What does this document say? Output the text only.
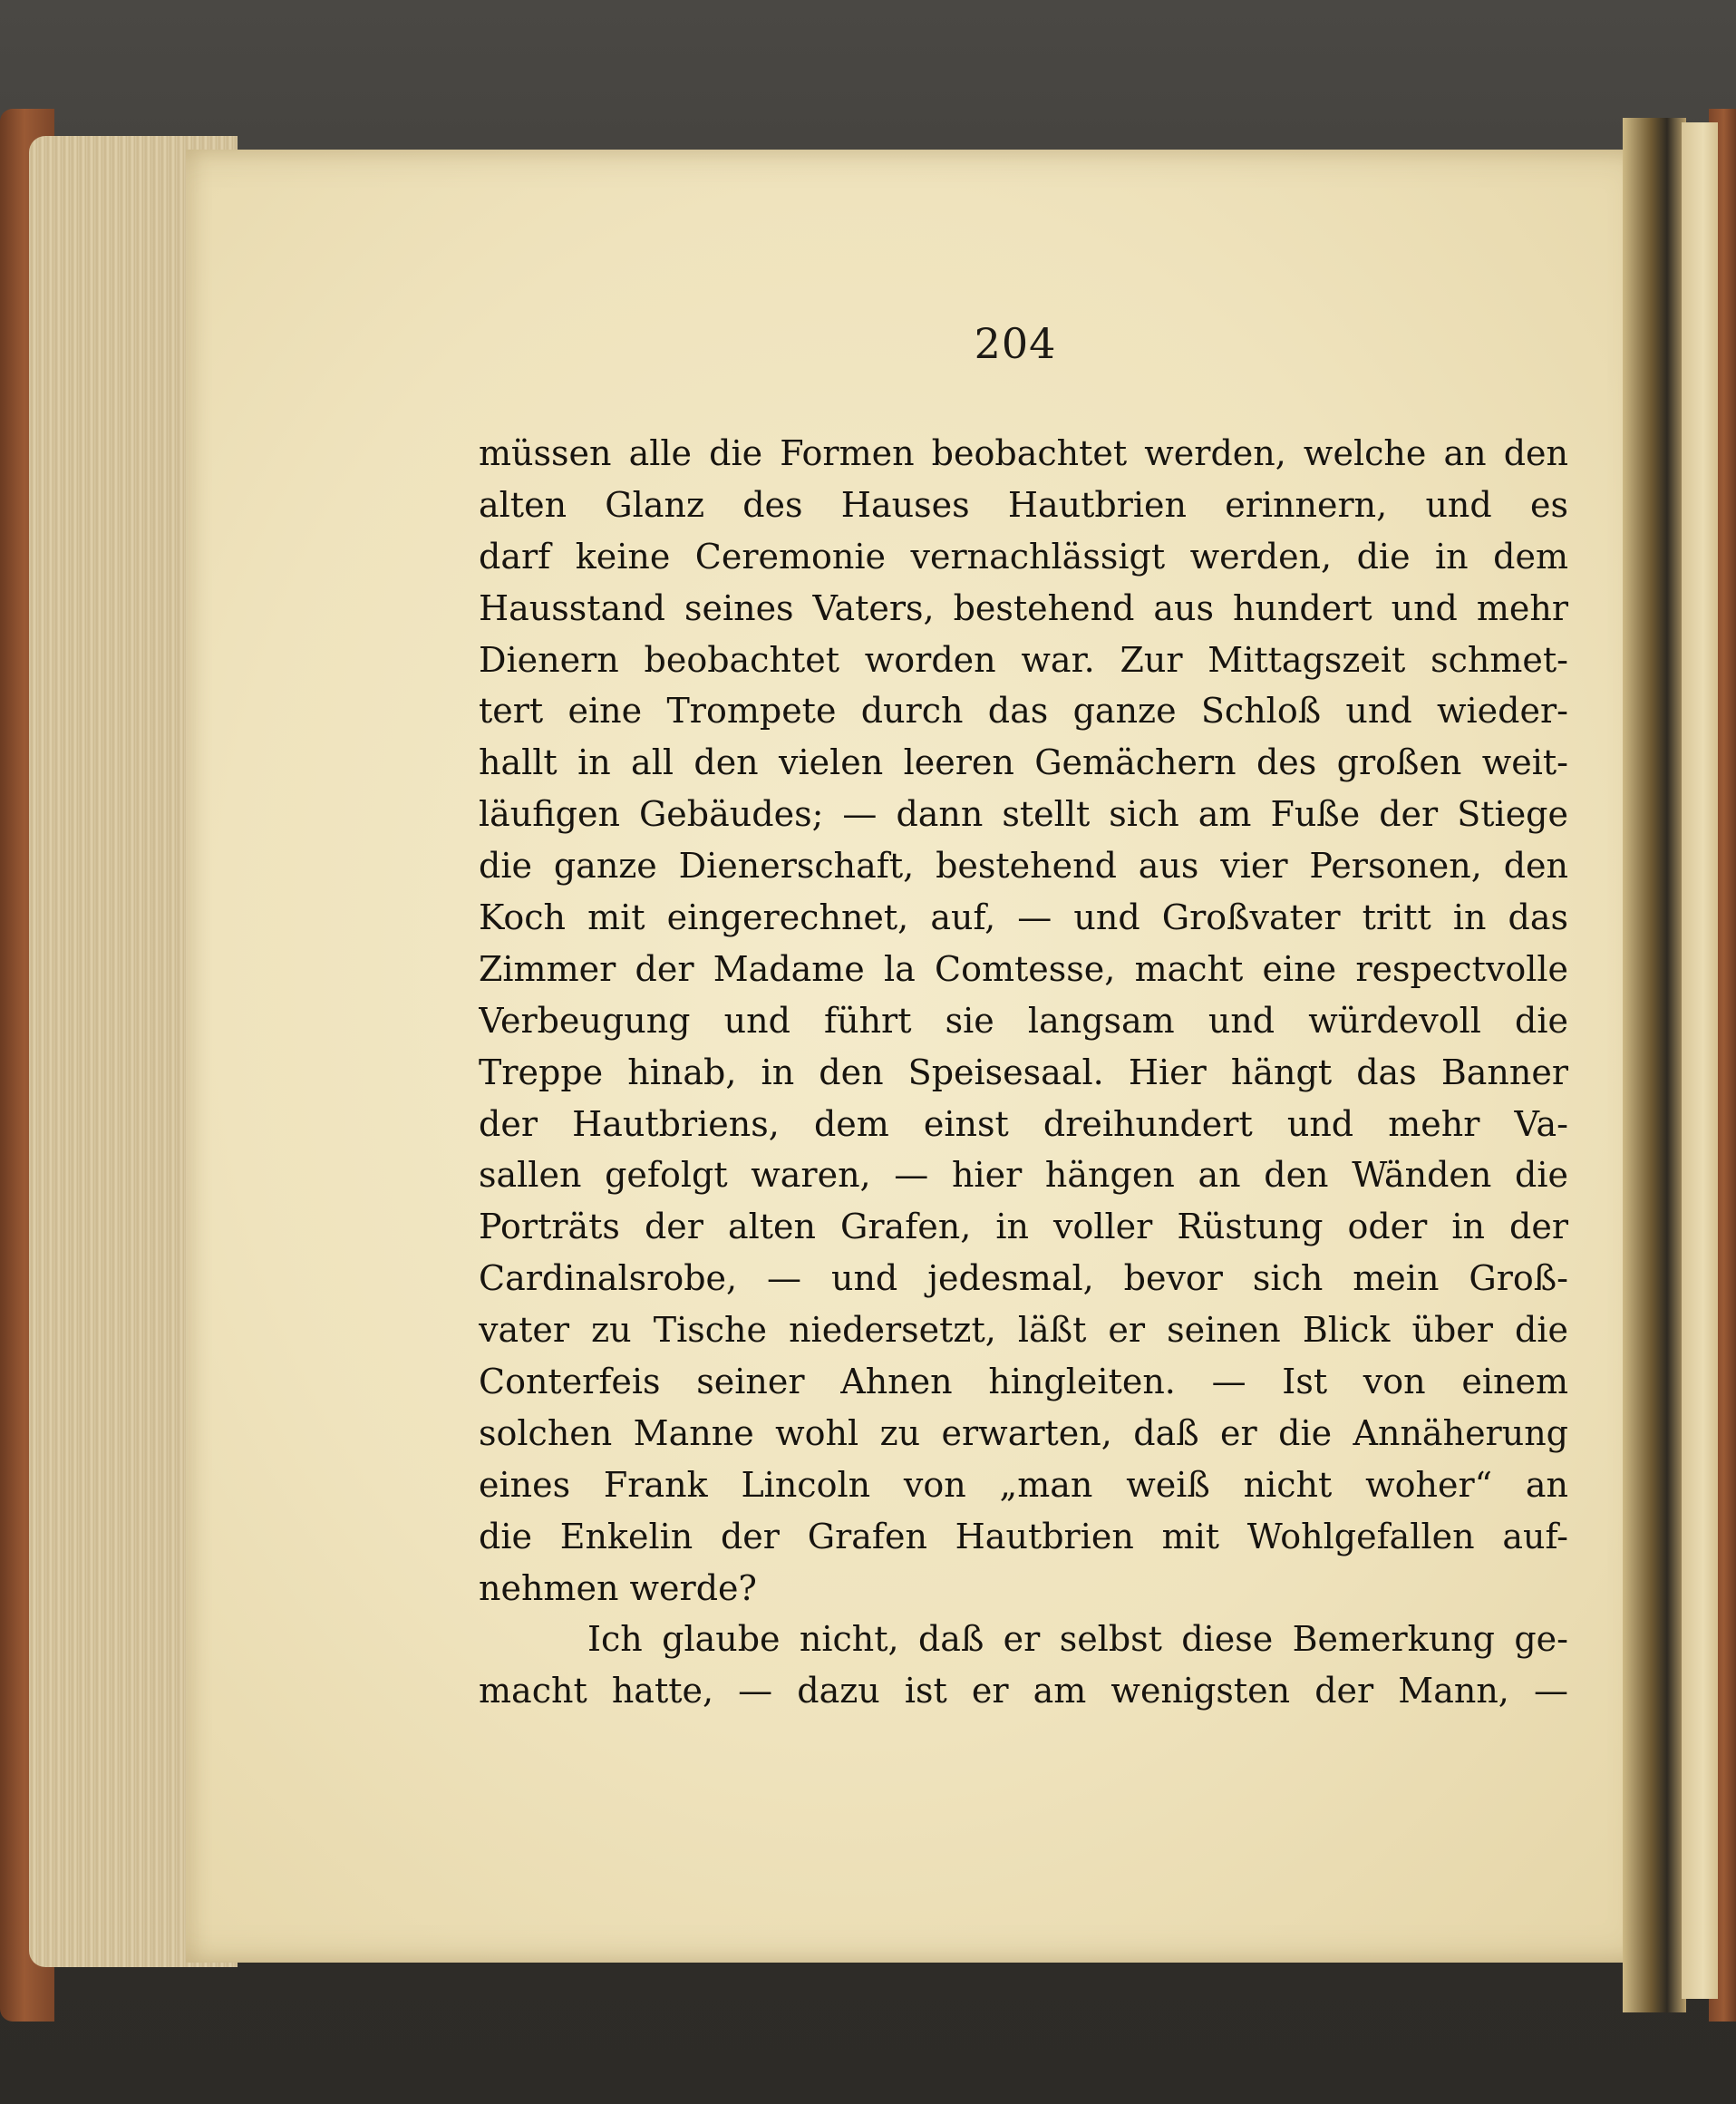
204
müssen alle die Formen beobachtet werden, welche an den
alten Glanz des Hauses Hautbrien erinnern, und es
darf keine Ceremonie vernachlässigt werden, die in dem
Hausstand seines Vaters, bestehend aus hundert und mehr
Dienern beobachtet worden war. Zur Mittagszeit schmet-
tert eine Trompete durch das ganze Schloß und wieder-
hallt in all den vielen leeren Gemächern des großen weit-
läufigen Gebäudes; — dann stellt sich am Fuße der Stiege
die ganze Dienerschaft, bestehend aus vier Personen, den
Koch mit eingerechnet, auf, — und Großvater tritt in das
Zimmer der Madame la Comtesse, macht eine respectvolle
Verbeugung und führt sie langsam und würdevoll die
Treppe hinab, in den Speisesaal. Hier hängt das Banner
der Hautbriens, dem einst dreihundert und mehr Va-
sallen gefolgt waren, — hier hängen an den Wänden die
Porträts der alten Grafen, in voller Rüstung oder in der
Cardinalsrobe, — und jedesmal, bevor sich mein Groß-
vater zu Tische niedersetzt, läßt er seinen Blick über die
Conterfeis seiner Ahnen hingleiten. — Ist von einem
solchen Manne wohl zu erwarten, daß er die Annäherung
eines Frank Lincoln von „man weiß nicht woher“ an
die Enkelin der Grafen Hautbrien mit Wohlgefallen auf-
nehmen werde?
Ich glaube nicht, daß er selbst diese Bemerkung ge-
macht hatte, — dazu ist er am wenigsten der Mann, —
